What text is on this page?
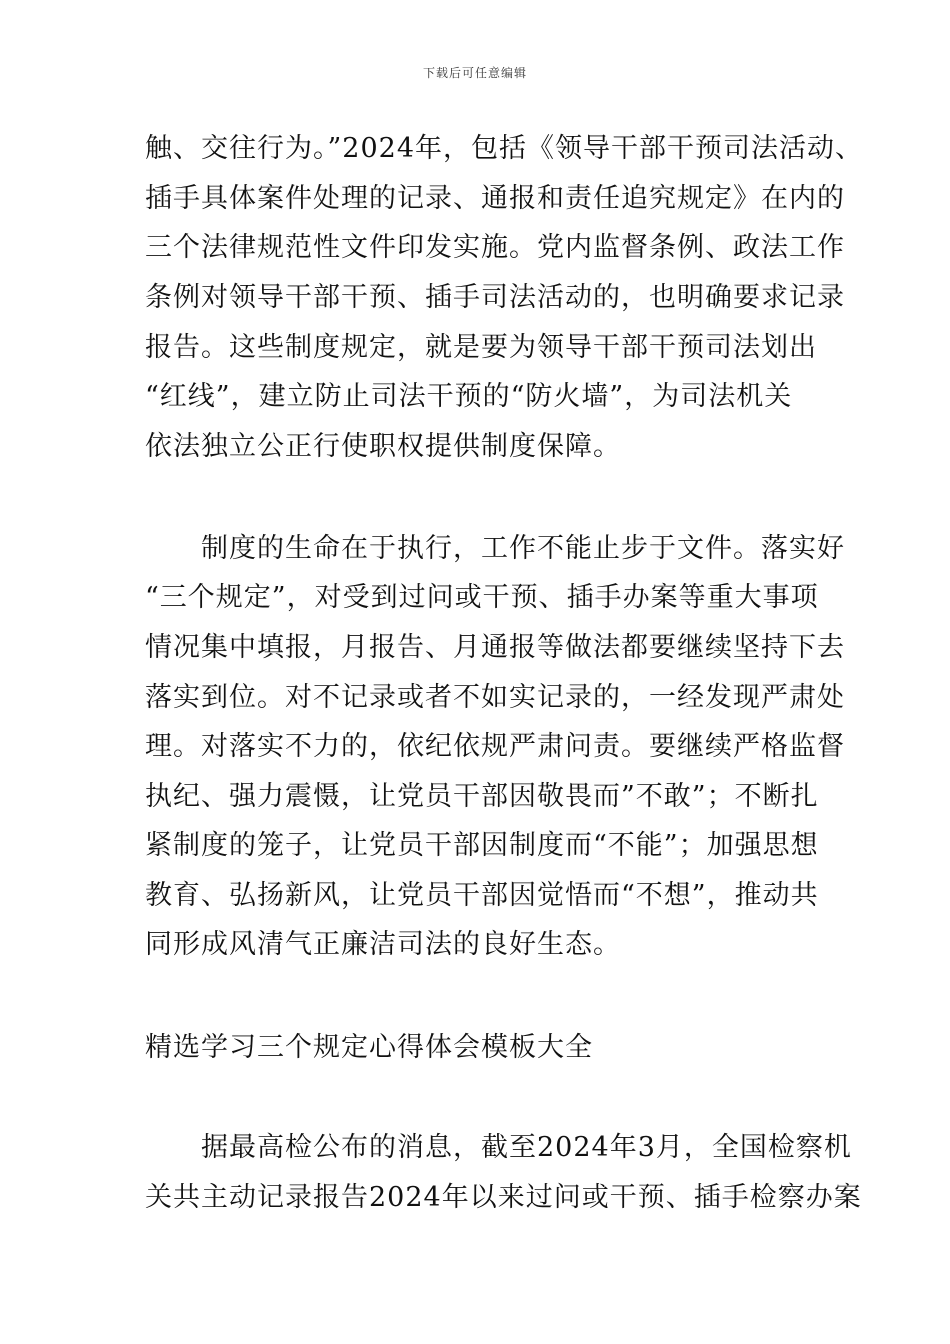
下载后可任意编辑
触、交往行为。”2024年，包括《领导干部干预司法活动、
插手具体案件处理的记录、通报和责任追究规定》在内的
三个法律规范性文件印发实施。党内监督条例、政法工作
条例对领导干部干预、插手司法活动的，也明确要求记录
报告。这些制度规定，就是要为领导干部干预司法划出
“红线”，建立防止司法干预的“防火墙”，为司法机关
依法独立公正行使职权提供制度保障。
　　制度的生命在于执行，工作不能止步于文件。落实好
“三个规定”，对受到过问或干预、插手办案等重大事项
情况集中填报，月报告、月通报等做法都要继续坚持下去
落实到位。对不记录或者不如实记录的，一经发现严肃处
理。对落实不力的，依纪依规严肃问责。要继续严格监督
执纪、强力震慑，让党员干部因敬畏而”不敢”；不断扎
紧制度的笼子，让党员干部因制度而“不能”；加强思想
教育、弘扬新风，让党员干部因觉悟而“不想”，推动共
同形成风清气正廉洁司法的良好生态。
精选学习三个规定心得体会模板大全
　　据最高检公布的消息，截至2024年3月，全国检察机
关共主动记录报告2024年以来过问或干预、插手检察办案
